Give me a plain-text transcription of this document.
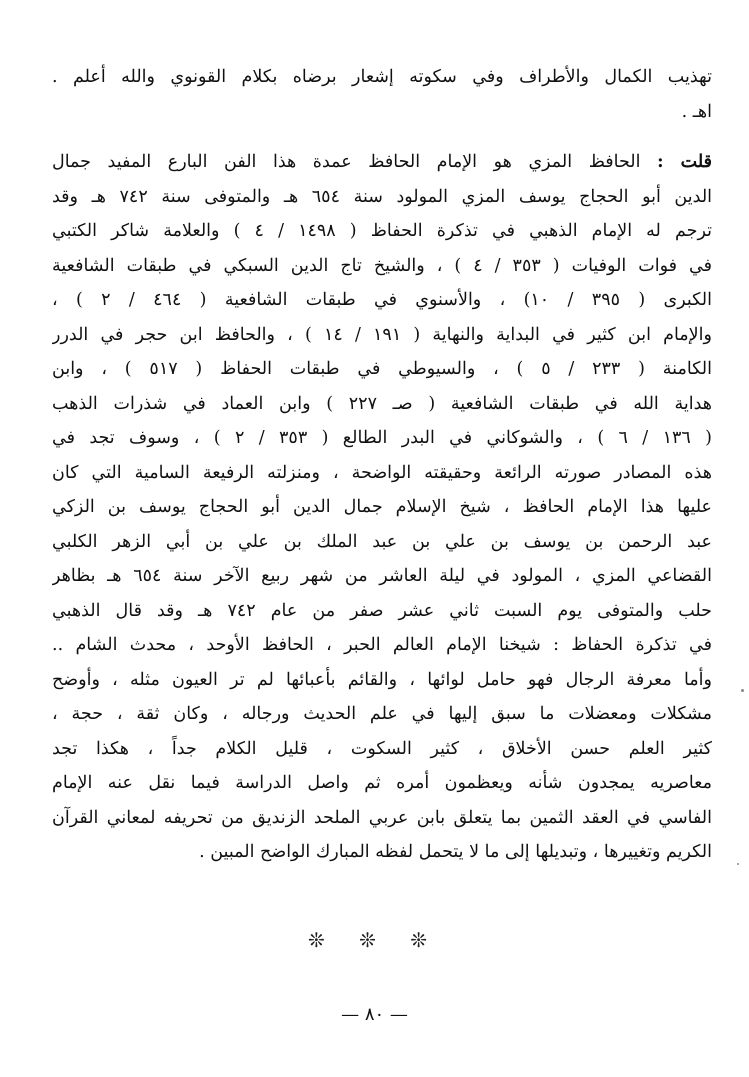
تهذيب الكمال والأطراف وفي سكوته إشعار برضاه بكلام القونوي والله أعلم .
اهـ .
قلت : الحافظ المزي هو الإمام الحافظ عمدة هذا الفن البارع المفيد جمال
الدين أبو الحجاج يوسف المزي المولود سنة ٦٥٤ هـ والمتوفى سنة ٧٤٢ هـ وقد
ترجم له الإمام الذهبي في تذكرة الحفاظ ( ١٤٩٨ / ٤ ) والعلامة شاكر الكتبي
في فوات الوفيات ( ٣٥٣ / ٤ ) ، والشيخ تاج الدين السبكي في طبقات الشافعية
الكبرى ( ٣٩٥ / ١٠) ، والأسنوي في طبقات الشافعية ( ٤٦٤ / ٢ ) ،
والإمام ابن كثير في البداية والنهاية ( ١٩١ / ١٤ ) ، والحافظ ابن حجر في الدرر
الكامنة ( ٢٣٣ / ٥ ) ، والسيوطي في طبقات الحفاظ ( ٥١٧ ) ، وابن
هداية الله في طبقات الشافعية ( صـ ٢٢٧ ) وابن العماد في شذرات الذهب
( ١٣٦ / ٦ ) ، والشوكاني في البدر الطالع ( ٣٥٣ / ٢ ) ، وسوف تجد في
هذه المصادر صورته الرائعة وحقيقته الواضحة ، ومنزلته الرفيعة السامية التي كان
عليها هذا الإمام الحافظ ، شيخ الإسلام جمال الدين أبو الحجاج يوسف بن الزكي
عبد الرحمن بن يوسف بن علي بن عبد الملك بن علي بن أبي الزهر الكلبي
القضاعي المزي ، المولود في ليلة العاشر من شهر ربيع الآخر سنة ٦٥٤ هـ بظاهر
حلب والمتوفى يوم السبت ثاني عشر صفر من عام ٧٤٢ هـ وقد قال الذهبي
في تذكرة الحفاظ : شيخنا الإمام العالم الحبر ، الحافظ الأوحد ، محدث الشام ..
وأما معرفة الرجال فهو حامل لوائها ، والقائم بأعبائها لم تر العيون مثله ، وأوضح
مشكلات ومعضلات ما سبق إليها في علم الحديث ورجاله ، وكان ثقة ، حجة ،
كثير العلم حسن الأخلاق ، كثير السكوت ، قليل الكلام جداً ، هكذا تجد
معاصريه يمجدون شأنه ويعظمون أمره ثم واصل الدراسة فيما نقل عنه الإمام
الفاسي في العقد الثمين بما يتعلق بابن عربي الملحد الزنديق من تحريفه لمعاني القرآن
الكريم وتغييرها ، وتبديلها إلى ما لا يتحمل لفظه المبارك الواضح المبين .
❊ ❊ ❊
— ٨٠ —
